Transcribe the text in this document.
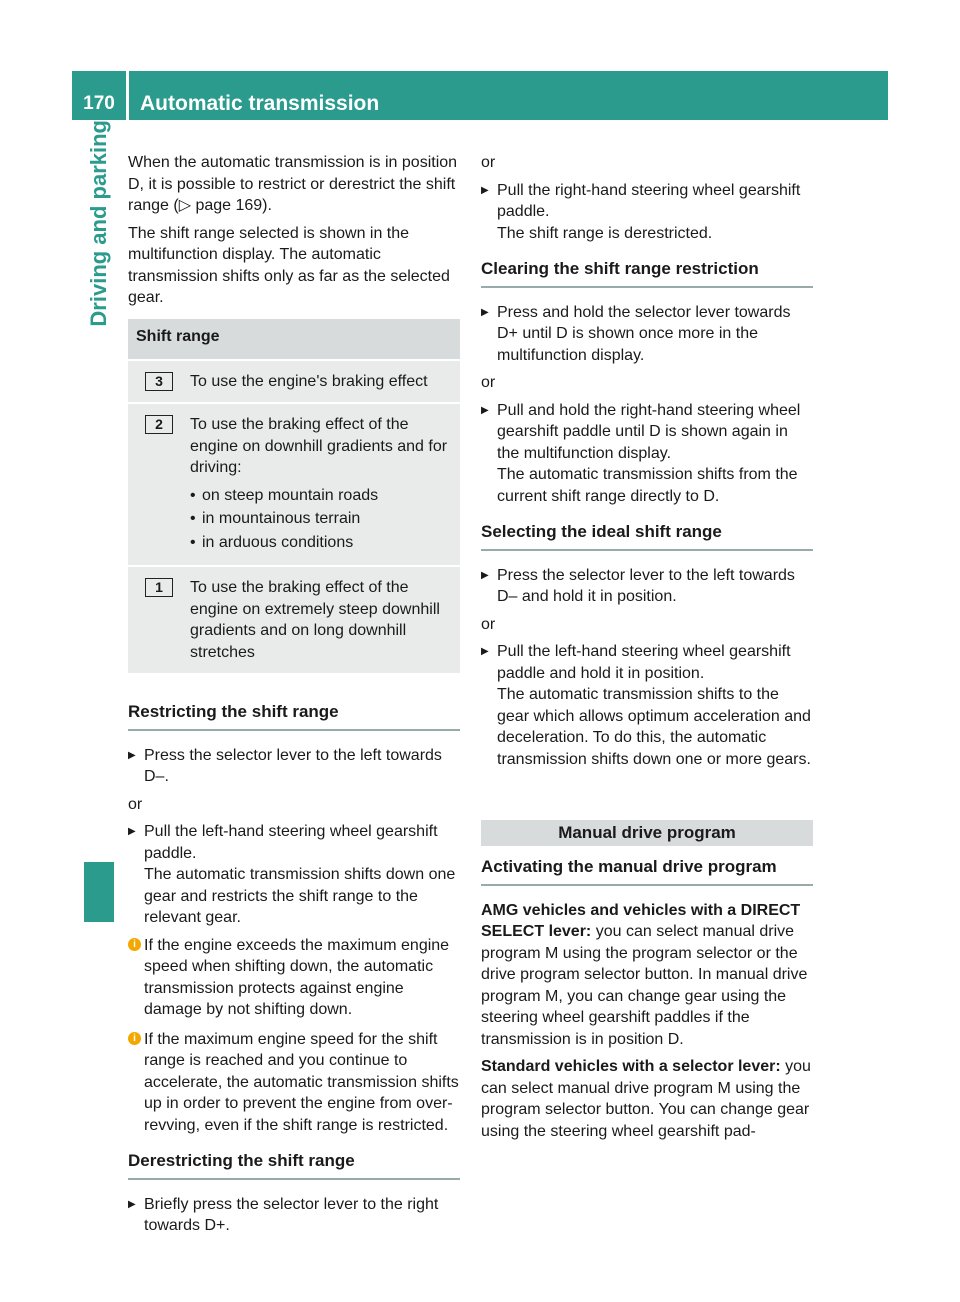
170	Automatic transmission
Driving and parking When the automatic transmission is in position D, it is possible to restrict or derestrict the shift range (▷ page 169).

The shift range selected is shown in the multifunction display. The automatic transmission shifts only as far as the selected gear.

Shift range
3	To use the engine's braking effect
2	To use the braking effect of the engine on downhill gradients and for driving:
• on steep mountain roads
• in mountainous terrain
• in arduous conditions
1	To use the braking effect of the engine on extremely steep downhill gradients and on long downhill stretches
Restricting the shift range
▶ Press the selector lever to the left towards D–.

or

▶ Pull the left-hand steering wheel gearshift paddle.
The automatic transmission shifts down one gear and restricts the shift range to the relevant gear.
i If the engine exceeds the maximum engine speed when shifting down, the automatic transmission protects against engine damage by not shifting down.
i If the maximum engine speed for the shift range is reached and you continue to accelerate, the automatic transmission shifts up in order to prevent the engine from over-revving, even if the shift range is restricted.
Derestricting the shift range
▶ Briefly press the selector lever to the right towards D+.

or

▶ Pull the right-hand steering wheel gearshift paddle.
The shift range is derestricted.
Clearing the shift range restriction
▶ Press and hold the selector lever towards D+ until D is shown once more in the multifunction display.

or

▶ Pull and hold the right-hand steering wheel gearshift paddle until D is shown again in the multifunction display.
The automatic transmission shifts from the current shift range directly to D.
Selecting the ideal shift range
▶ Press the selector lever to the left towards D– and hold it in position.

or

▶ Pull the left-hand steering wheel gearshift paddle and hold it in position.
The automatic transmission shifts to the gear which allows optimum acceleration and deceleration. To do this, the automatic transmission shifts down one or more gears.
Manual drive program
Activating the manual drive program

AMG vehicles and vehicles with a DIRECT SELECT lever: you can select manual drive program M using the program selector or the drive program selector button. In manual drive program M, you can change gear using the steering wheel gearshift paddles if the transmission is in position D.

Standard vehicles with a selector lever: you can select manual drive program M using the program selector button. You can change gear using the steering wheel gearshift pad-
